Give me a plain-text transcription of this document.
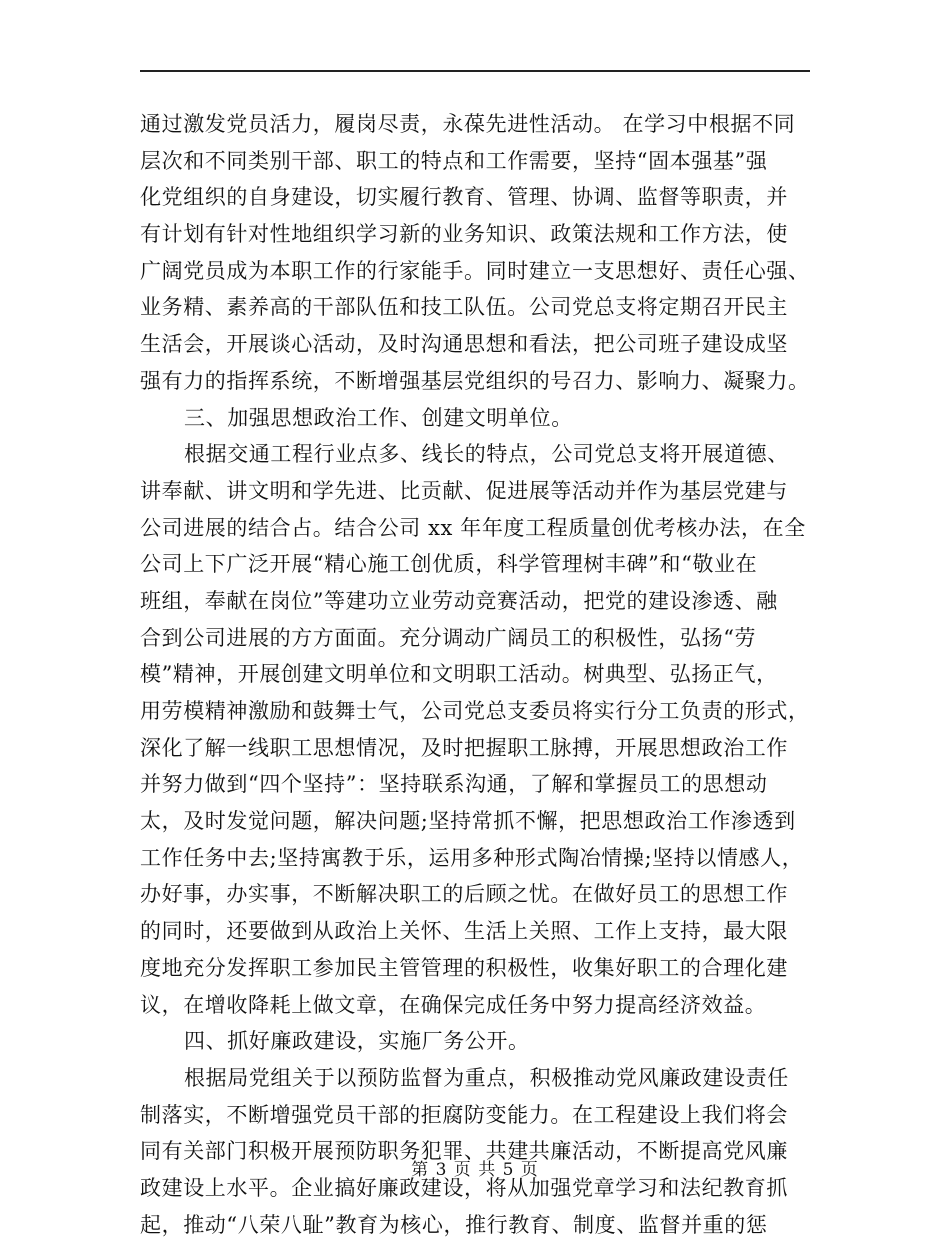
通过激发党员活力，履岗尽责，永葆先进性活动。 在学习中根据不同
层次和不同类别干部、职工的特点和工作需要，坚持“固本强基”强
化党组织的自身建设，切实履行教育、管理、协调、监督等职责，并
有计划有针对性地组织学习新的业务知识、政策法规和工作方法，使
广阔党员成为本职工作的行家能手。同时建立一支思想好、责任心强、
业务精、素养高的干部队伍和技工队伍。公司党总支将定期召开民主
生活会，开展谈心活动，及时沟通思想和看法，把公司班子建设成坚
强有力的指挥系统，不断增强基层党组织的号召力、影响力、凝聚力。
三、加强思想政治工作、创建文明单位。
根据交通工程行业点多、线长的特点，公司党总支将开展道德、
讲奉献、讲文明和学先进、比贡献、促进展等活动并作为基层党建与
公司进展的结合占。结合公司 xx 年年度工程质量创优考核办法，在全
公司上下广泛开展“精心施工创优质，科学管理树丰碑”和“敬业在
班组，奉献在岗位”等建功立业劳动竞赛活动，把党的建设渗透、融
合到公司进展的方方面面。充分调动广阔员工的积极性，弘扬“劳
模”精神，开展创建文明单位和文明职工活动。树典型、弘扬正气，
用劳模精神激励和鼓舞士气，公司党总支委员将实行分工负责的形式，
深化了解一线职工思想情况，及时把握职工脉搏，开展思想政治工作
并努力做到“四个坚持”：坚持联系沟通，了解和掌握员工的思想动
太，及时发觉问题，解决问题;坚持常抓不懈，把思想政治工作渗透到
工作任务中去;坚持寓教于乐，运用多种形式陶冶情操;坚持以情感人，
办好事，办实事，不断解决职工的后顾之忧。在做好员工的思想工作
的同时，还要做到从政治上关怀、生活上关照、工作上支持，最大限
度地充分发挥职工参加民主管管理的积极性，收集好职工的合理化建
议，在增收降耗上做文章，在确保完成任务中努力提高经济效益。
四、抓好廉政建设，实施厂务公开。
根据局党组关于以预防监督为重点，积极推动党风廉政建设责任
制落实，不断增强党员干部的拒腐防变能力。在工程建设上我们将会
同有关部门积极开展预防职务犯罪、共建共廉活动，不断提高党风廉
政建设上水平。企业搞好廉政建设，将从加强党章学习和法纪教育抓
起，推动“八荣八耻”教育为核心，推行教育、制度、监督并重的惩
第 3 页 共 5 页
